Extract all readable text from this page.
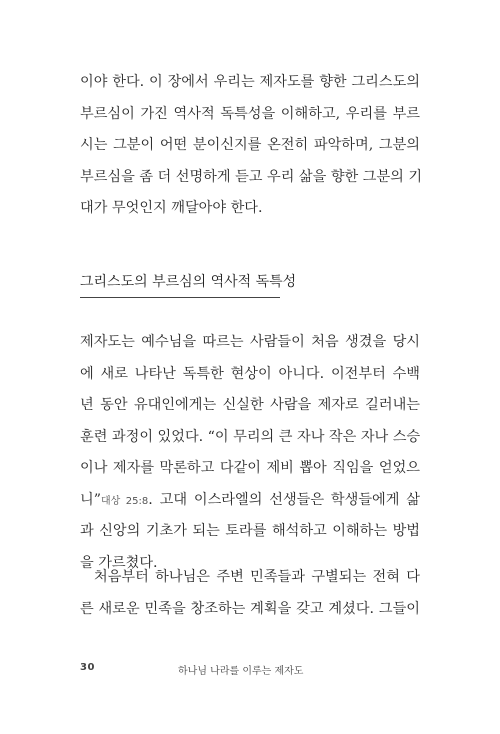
이야 한다. 이 장에서 우리는 제자도를 향한 그리스도의
부르심이 가진 역사적 독특성을 이해하고, 우리를 부르
시는 그분이 어떤 분이신지를 온전히 파악하며, 그분의
부르심을 좀 더 선명하게 듣고 우리 삶을 향한 그분의 기
대가 무엇인지 깨달아야 한다.

그리스도의 부르심의 역사적 독특성

제자도는 예수님을 따르는 사람들이 처음 생겼을 당시
에 새로 나타난 독특한 현상이 아니다. 이전부터 수백
년 동안 유대인에게는 신실한 사람을 제자로 길러내는
훈련 과정이 있었다. “이 무리의 큰 자나 작은 자나 스승
이나 제자를 막론하고 다같이 제비 뽑아 직임을 얻었으
니”대상 25:8. 고대 이스라엘의 선생들은 학생들에게 삶
과 신앙의 기초가 되는 토라를 해석하고 이해하는 방법
을 가르쳤다.

처음부터 하나님은 주변 민족들과 구별되는 전혀 다
른 새로운 민족을 창조하는 계획을 갖고 계셨다. 그들이

30	하나님 나라를 이루는 제자도
